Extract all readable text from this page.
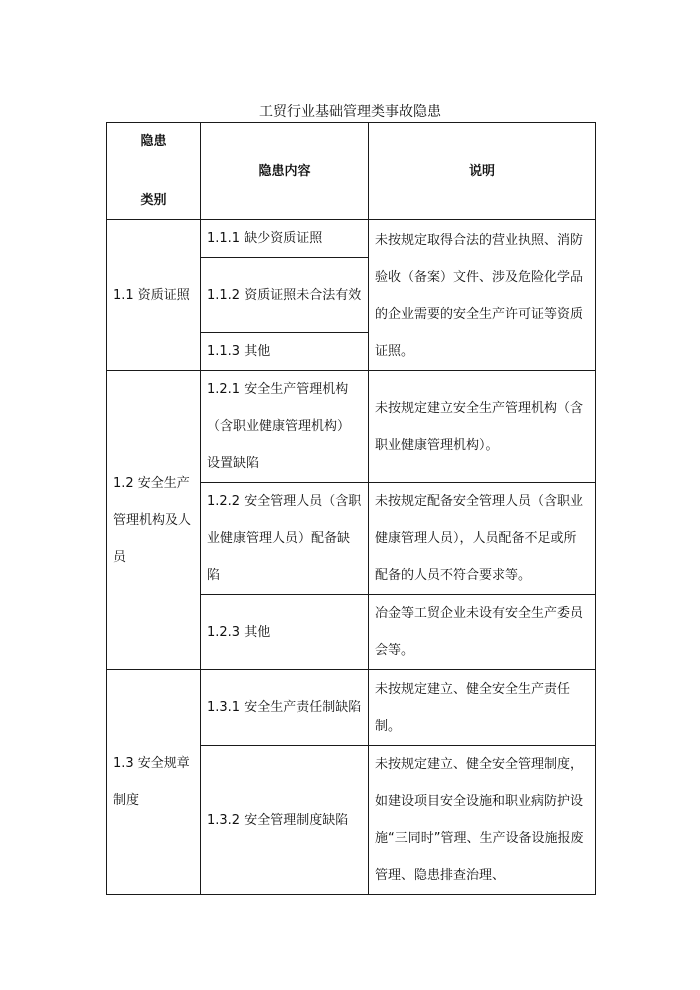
工贸行业基础管理类事故隐患
隐患
类别	隐患内容	说明
1.1 资质证照	1.1.1 缺少资质证照	未按规定取得合法的营业执照、消防验收（备案）文件、涉及危险化学品的企业需要的安全生产许可证等资质证照。
	1.1.2 资质证照未合法有效	
	1.1.3 其他	
1.2 安全生产管理机构及人员	1.2.1 安全生产管理机构（含职业健康管理机构）设置缺陷	未按规定建立安全生产管理机构（含职业健康管理机构）。
	1.2.2 安全管理人员（含职业健康管理人员）配备缺陷	未按规定配备安全管理人员（含职业健康管理人员），人员配备不足或所配备的人员不符合要求等。
	1.2.3 其他	冶金等工贸企业未设有安全生产委员会等。
1.3 安全规章制度	1.3.1 安全生产责任制缺陷	未按规定建立、健全安全生产责任制。
	1.3.2 安全管理制度缺陷	未按规定建立、健全安全管理制度，如建设项目安全设施和职业病防护设施“三同时”管理、生产设备设施报废管理、隐患排查治理、
